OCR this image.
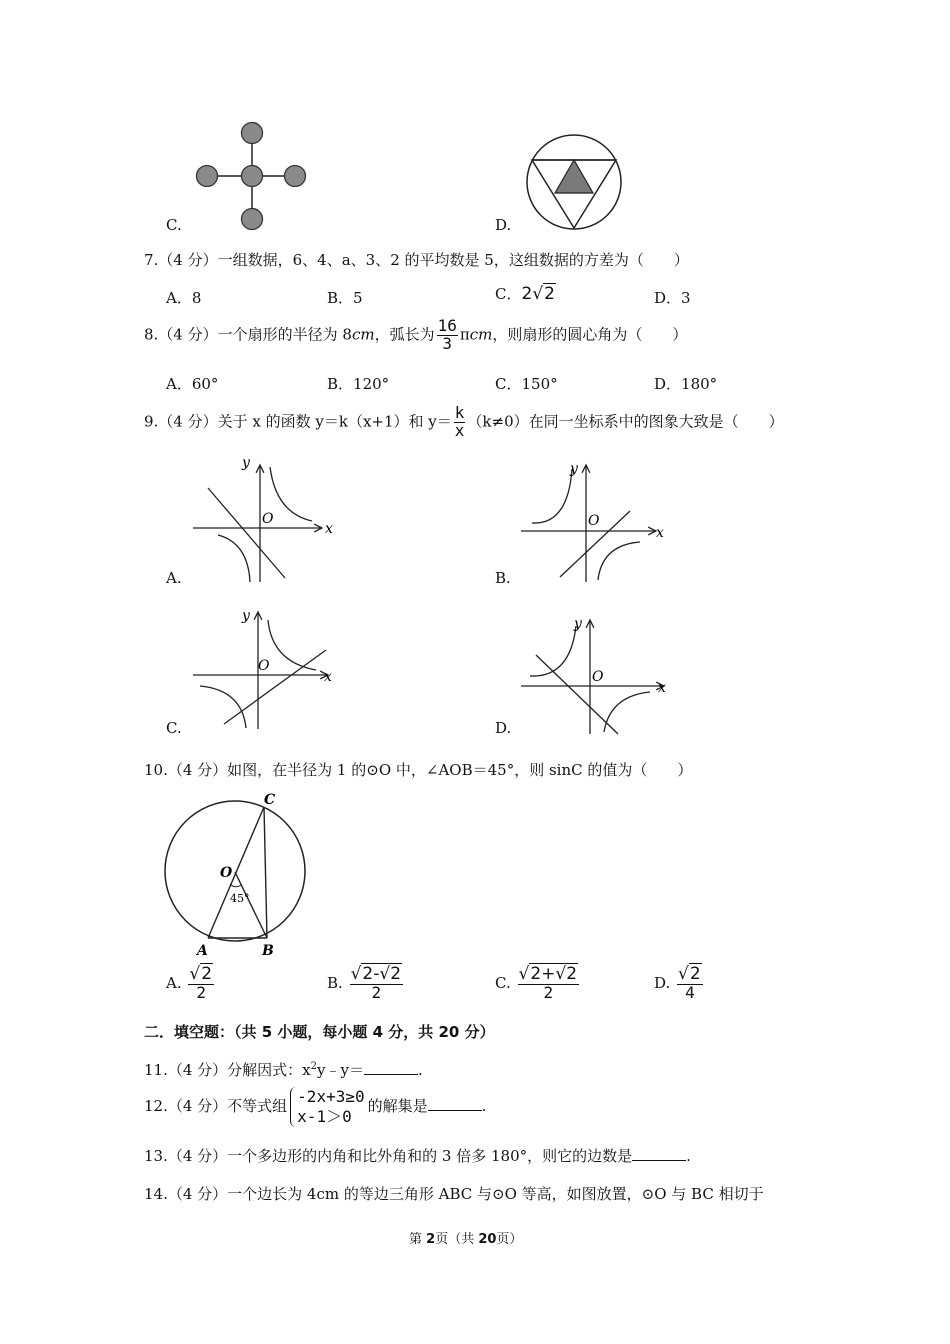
C.	D.
7.（4 分）一组数据，6、4、a、3、2 的平均数是 5，这组数据的方差为（　　）
A．8	B．5	C．2√2	D．3
8.（4 分）一个扇形的半径为 8cm，弧长为 $\frac{16}{3}$ πcm，则扇形的圆心角为（　　）
A．60°	B．120°	C．150°	D．180°
9.（4 分）关于 x 的函数 y＝k（x+1）和 $y= \frac{k}{x} (k\ne 0)$在同一坐标系中的图象大致是（　　）
y
x
O
A.
y
x
O
B.
y
x
O
C.
y
x
O
D.
10.（4 分）如图，在半径为 1 的⊙O 中，∠AOB＝45°，则 sinC 的值为（　　）
C
O
45°
A	B
A. $\frac{√2}{2}$	B. $\frac{√2-√2}{2}$	C. $\frac{√2+√2}{2}$	D. $\frac{√2}{4}$
二．填空题：（共 5 小题，每小题 4 分，共 20 分）
11.（4 分）分解因式：$x^2y﹣y=$	.
12.（4 分）不等式组 -2x+3≥0
x-1＞0
的解集是	.
13.（4 分）一个多边形的内角和比外角和的 3 倍多 180°，则它的边数是	.
14.（4 分）一个边长为 4cm 的等边三角形 ABC 与⊙O 等高，如图放置，⊙O 与 BC 相切于
第 2页（共 20页）
